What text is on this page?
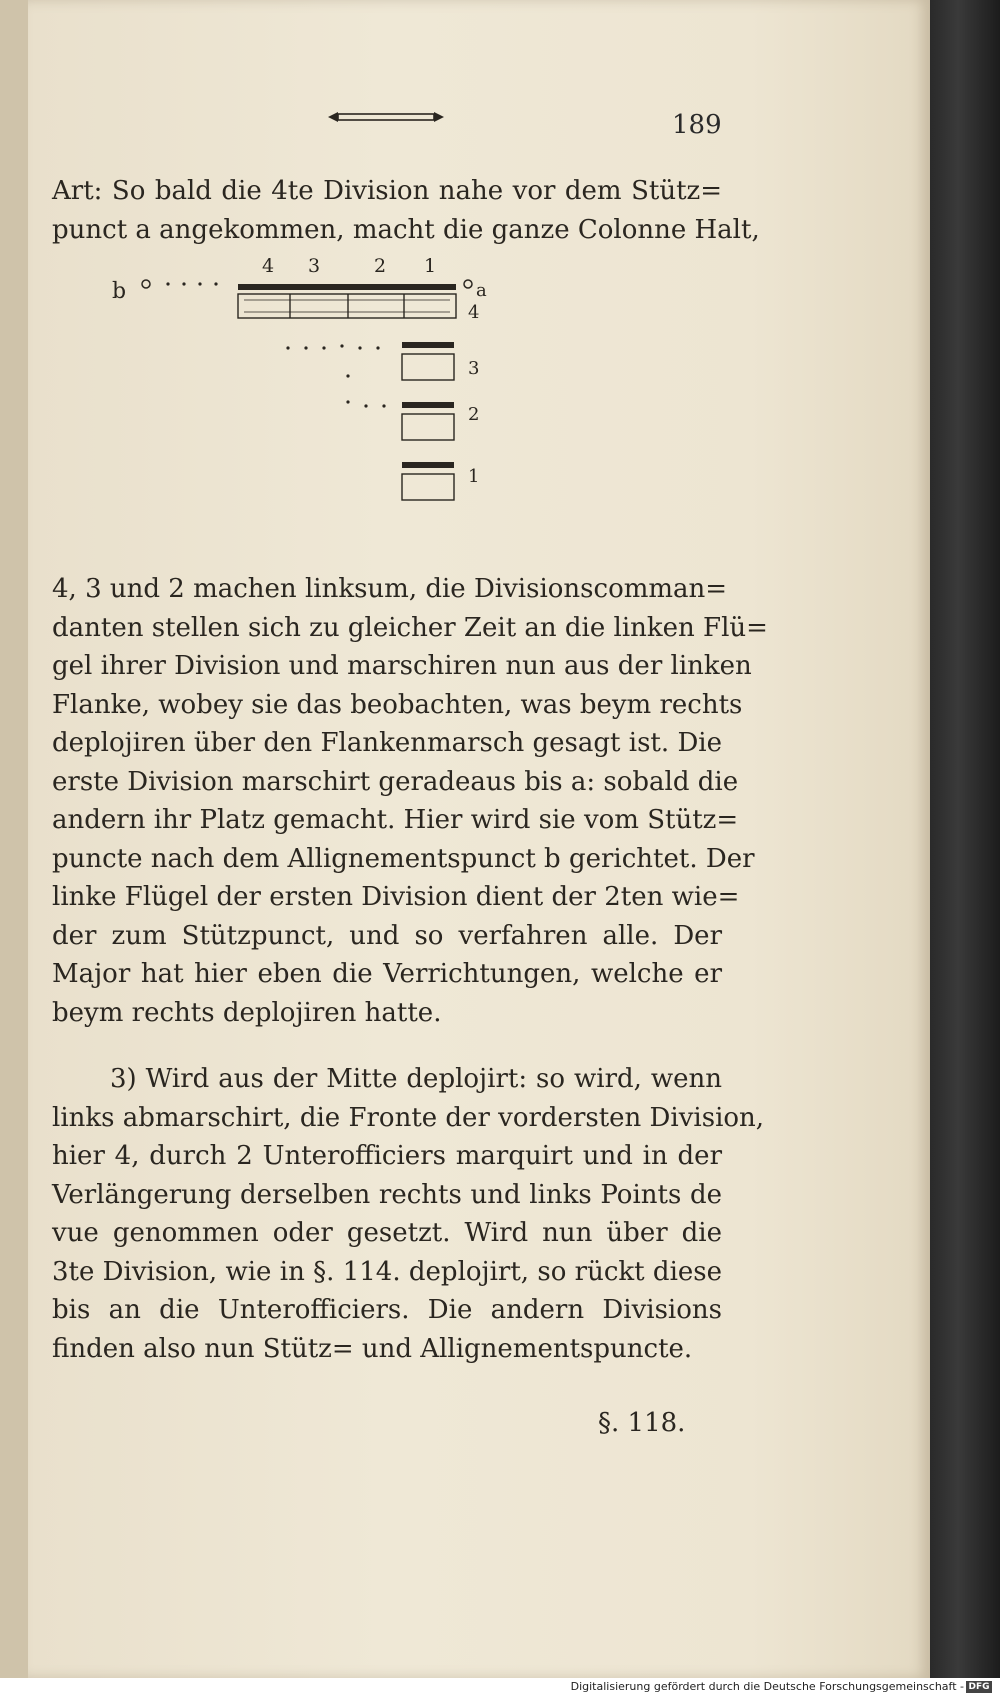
189
Art: So bald die 4te Division nahe vor dem Stütz=
punct a angekommen, macht die ganze Colonne Halt,
b
4 3	2 1
a
4
3
2
1
4, 3 und 2 machen linksum, die Divisionscomman=
danten stellen sich zu gleicher Zeit an die linken Flü=
gel ihrer Division und marschiren nun aus der linken
Flanke, wobey sie das beobachten, was beym rechts
deplojiren über den Flankenmarsch gesagt ist. Die
erste Division marschirt geradeaus bis a: sobald die
andern ihr Platz gemacht. Hier wird sie vom Stütz=
puncte nach dem Allignementspunct b gerichtet. Der
linke Flügel der ersten Division dient der 2ten wie=
der zum Stützpunct, und so verfahren alle. Der
Major hat hier eben die Verrichtungen, welche er
beym rechts deplojiren hatte.
3) Wird aus der Mitte deplojirt: so wird, wenn
links abmarschirt, die Fronte der vordersten Division,
hier 4, durch 2 Unterofficiers marquirt und in der
Verlängerung derselben rechts und links Points de
vue genommen oder gesetzt. Wird nun über die
3te Division, wie in §. 114. deplojirt, so rückt diese
bis an die Unterofficiers. Die andern Divisions
finden also nun Stütz= und Allignementspuncte.
§. 118.
Digitalisierung gefördert durch die Deutsche Forschungsgemeinschaft - DFG
